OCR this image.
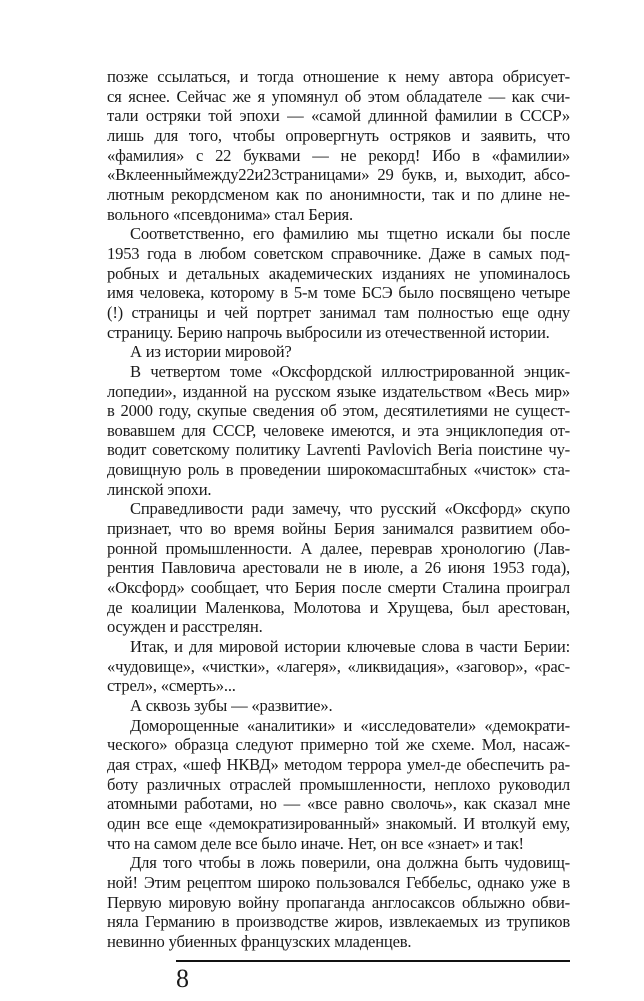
позже ссылаться, и тогда отношение к нему автора обрисует-
ся яснее. Сейчас же я упомянул об этом обладателе — как счи-
тали остряки той эпохи — «самой длинной фамилии в СССР»
лишь для того, чтобы опровергнуть остряков и заявить, что
«фамилия» с 22 буквами — не рекорд! Ибо в «фамилии»
«Вклеенныймежду22и23страницами» 29 букв, и, выходит, абсо-
лютным рекордсменом как по анонимности, так и по длине не-
вольного «псевдонима» стал Берия.
Соответственно, его фамилию мы тщетно искали бы после
1953 года в любом советском справочнике. Даже в самых под-
робных и детальных академических изданиях не упоминалось
имя человека, которому в 5-м томе БСЭ было посвящено четыре
(!) страницы и чей портрет занимал там полностью еще одну
страницу. Берию напрочь выбросили из отечественной истории.
А из истории мировой?
В четвертом томе «Оксфордской иллюстрированной энцик-
лопедии», изданной на русском языке издательством «Весь мир»
в 2000 году, скупые сведения об этом, десятилетиями не сущест-
вовавшем для СССР, человеке имеются, и эта энциклопедия от-
водит советскому политику Lavrenti Pavlovich Beria поистине чу-
довищную роль в проведении широкомасштабных «чисток» ста-
линской эпохи.
Справедливости ради замечу, что русский «Оксфорд» скупо
признает, что во время войны Берия занимался развитием обо-
ронной промышленности. А далее, переврав хронологию (Лав-
рентия Павловича арестовали не в июле, а 26 июня 1953 года),
«Оксфорд» сообщает, что Берия после смерти Сталина проиграл
де коалиции Маленкова, Молотова и Хрущева, был арестован,
осужден и расстрелян.
Итак, и для мировой истории ключевые слова в части Берии:
«чудовище», «чистки», «лагеря», «ликвидация», «заговор», «рас-
стрел», «смерть»...
А сквозь зубы — «развитие».
Доморощенные «аналитики» и «исследователи» «демократи-
ческого» образца следуют примерно той же схеме. Мол, насаж-
дая страх, «шеф НКВД» методом террора умел-де обеспечить ра-
боту различных отраслей промышленности, неплохо руководил
атомными работами, но — «все равно сволочь», как сказал мне
один все еще «демократизированный» знакомый. И втолкуй ему,
что на самом деле все было иначе. Нет, он все «знает» и так!
Для того чтобы в ложь поверили, она должна быть чудовищ-
ной! Этим рецептом широко пользовался Геббельс, однако уже в
Первую мировую войну пропаганда англосаксов облыжно обви-
няла Германию в производстве жиров, извлекаемых из трупиков
невинно убиенных французских младенцев.
8
